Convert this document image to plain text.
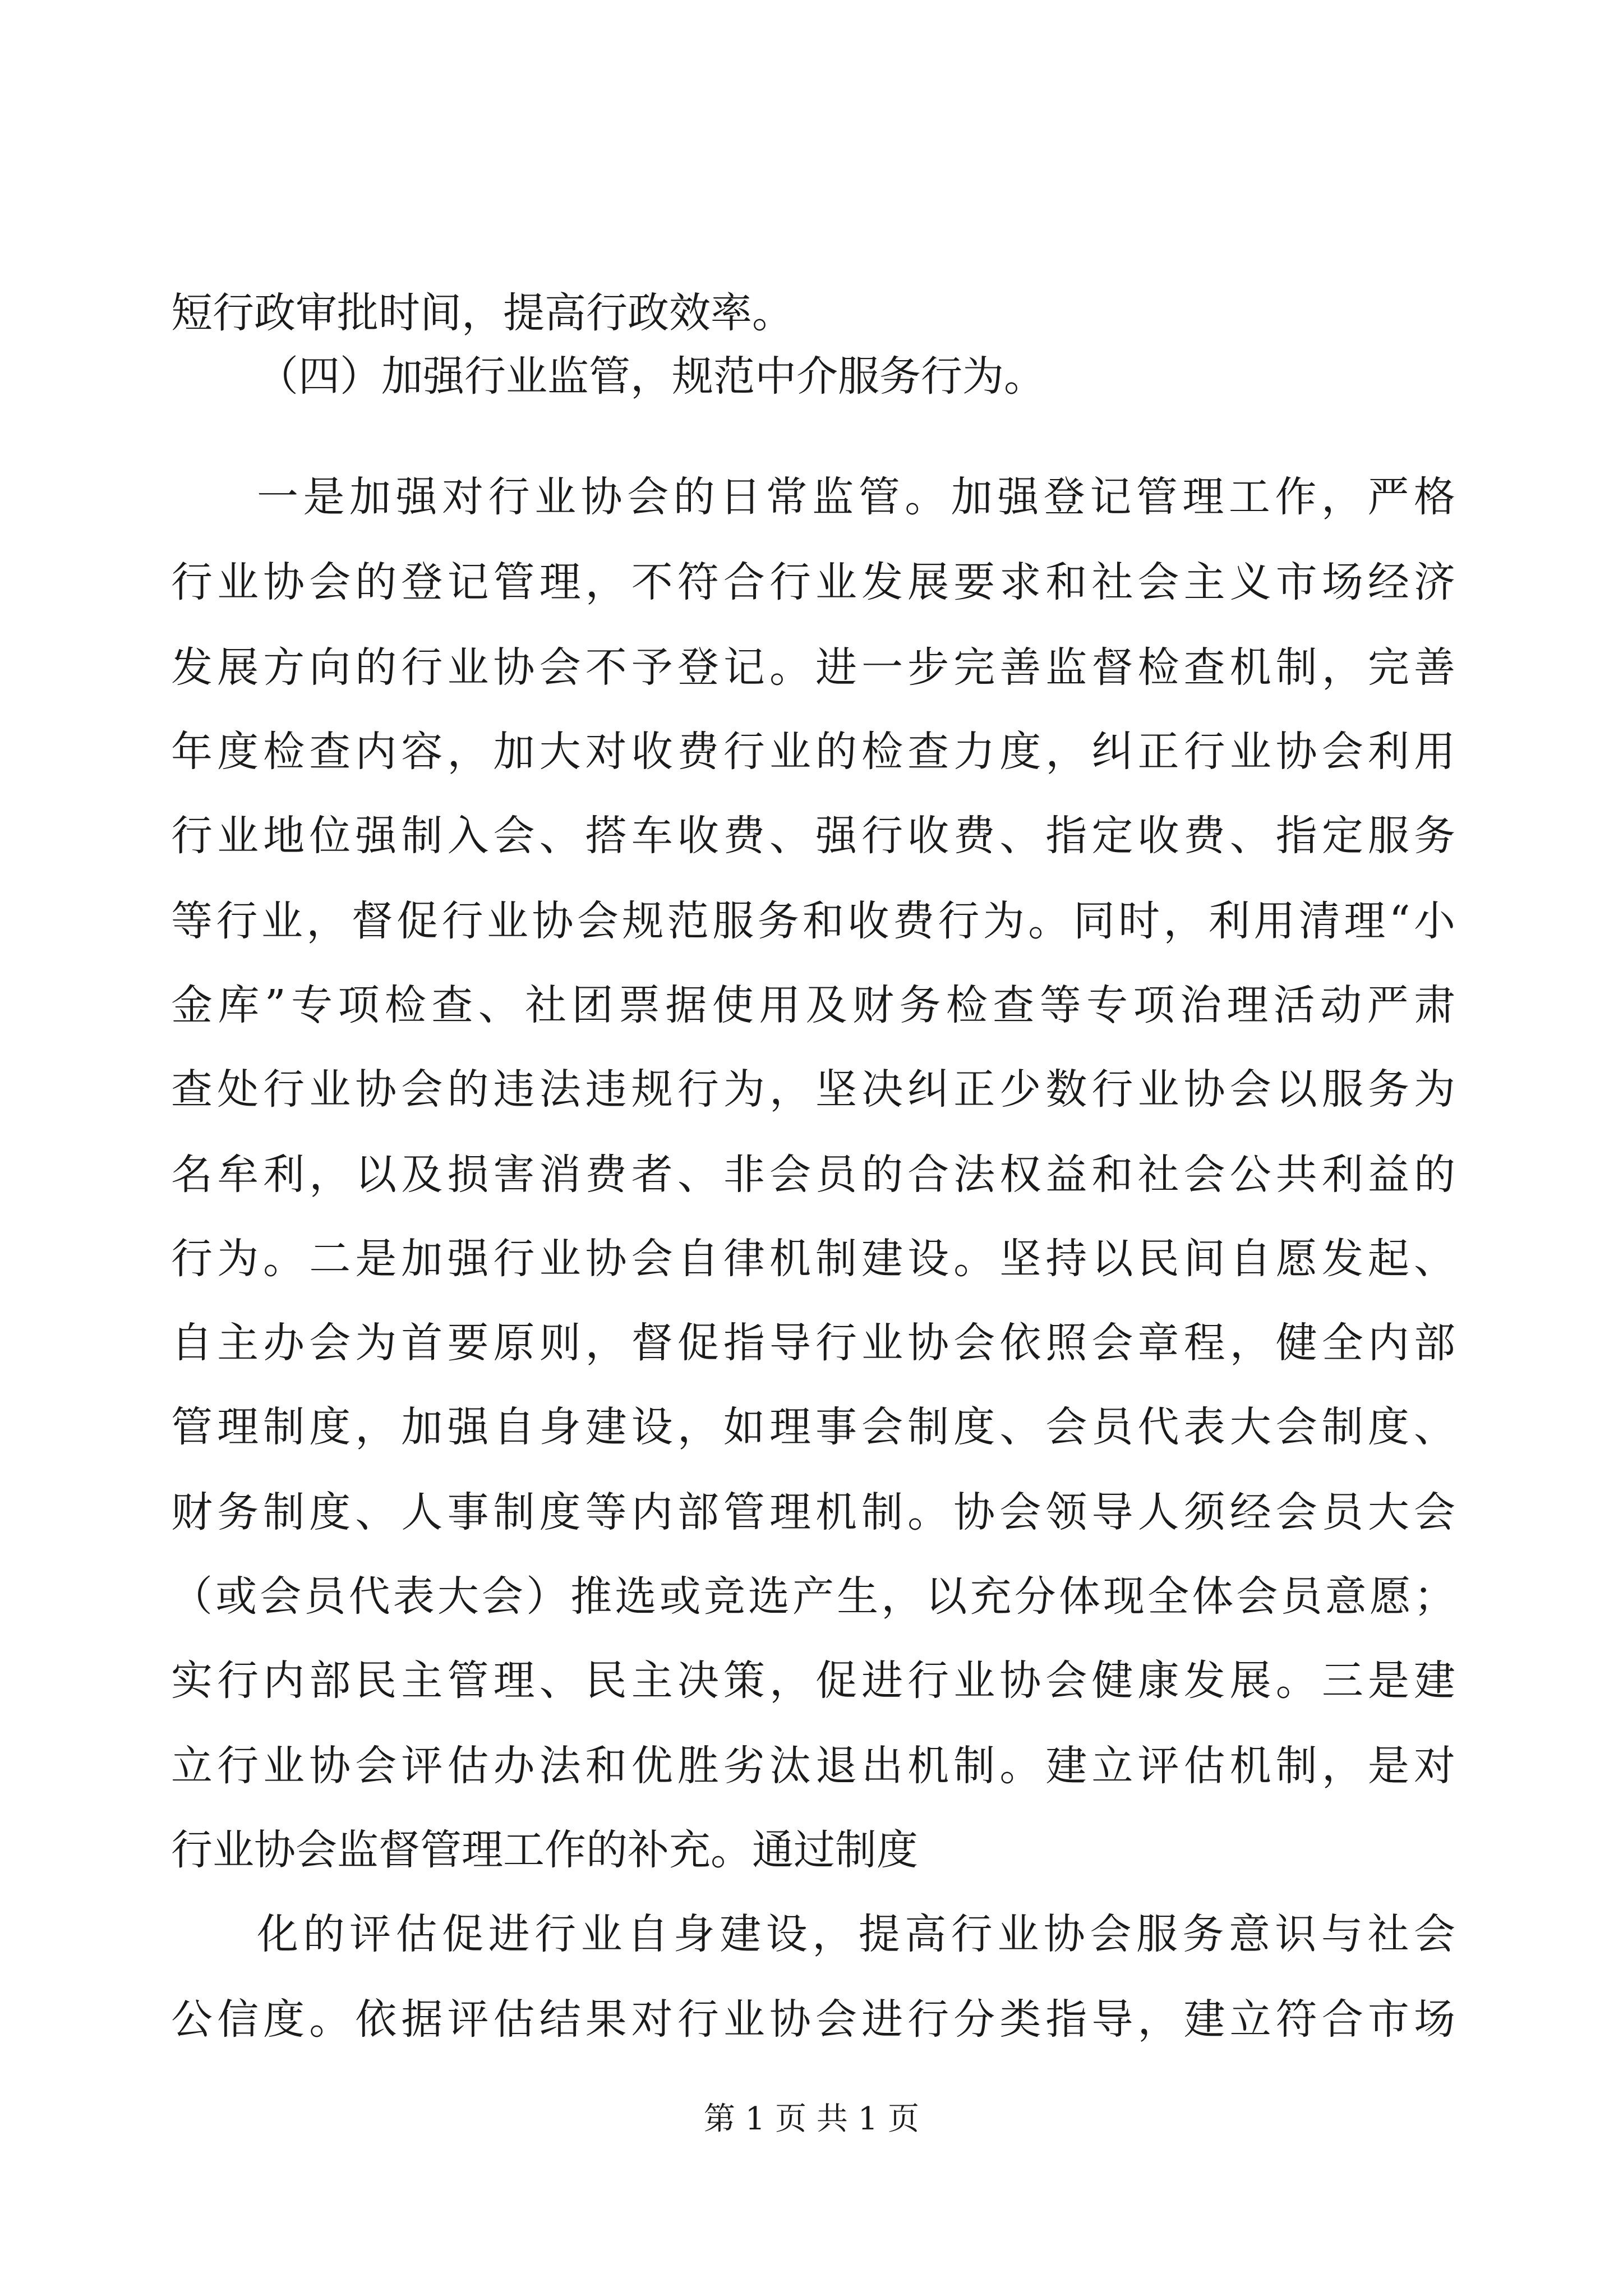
短行政审批时间，提高行政效率。
（四）加强行业监管，规范中介服务行为。
一是加强对行业协会的日常监管。加强登记管理工作，严格
行业协会的登记管理，不符合行业发展要求和社会主义市场经济
发展方向的行业协会不予登记。进一步完善监督检查机制，完善
年度检查内容，加大对收费行业的检查力度，纠正行业协会利用
行业地位强制入会、搭车收费、强行收费、指定收费、指定服务
等行业，督促行业协会规范服务和收费行为。同时，利用清理“小
金库”专项检查、社团票据使用及财务检查等专项治理活动严肃
查处行业协会的违法违规行为，坚决纠正少数行业协会以服务为
名牟利，以及损害消费者、非会员的合法权益和社会公共利益的
行为。二是加强行业协会自律机制建设。坚持以民间自愿发起、
自主办会为首要原则，督促指导行业协会依照会章程，健全内部
管理制度，加强自身建设，如理事会制度、会员代表大会制度、
财务制度、人事制度等内部管理机制。协会领导人须经会员大会
（或会员代表大会）推选或竞选产生，以充分体现全体会员意愿；
实行内部民主管理、民主决策，促进行业协会健康发展。三是建
立行业协会评估办法和优胜劣汰退出机制。建立评估机制，是对
行业协会监督管理工作的补充。通过制度
化的评估促进行业自身建设，提高行业协会服务意识与社会
公信度。依据评估结果对行业协会进行分类指导，建立符合市场
第 1 页 共 1 页
